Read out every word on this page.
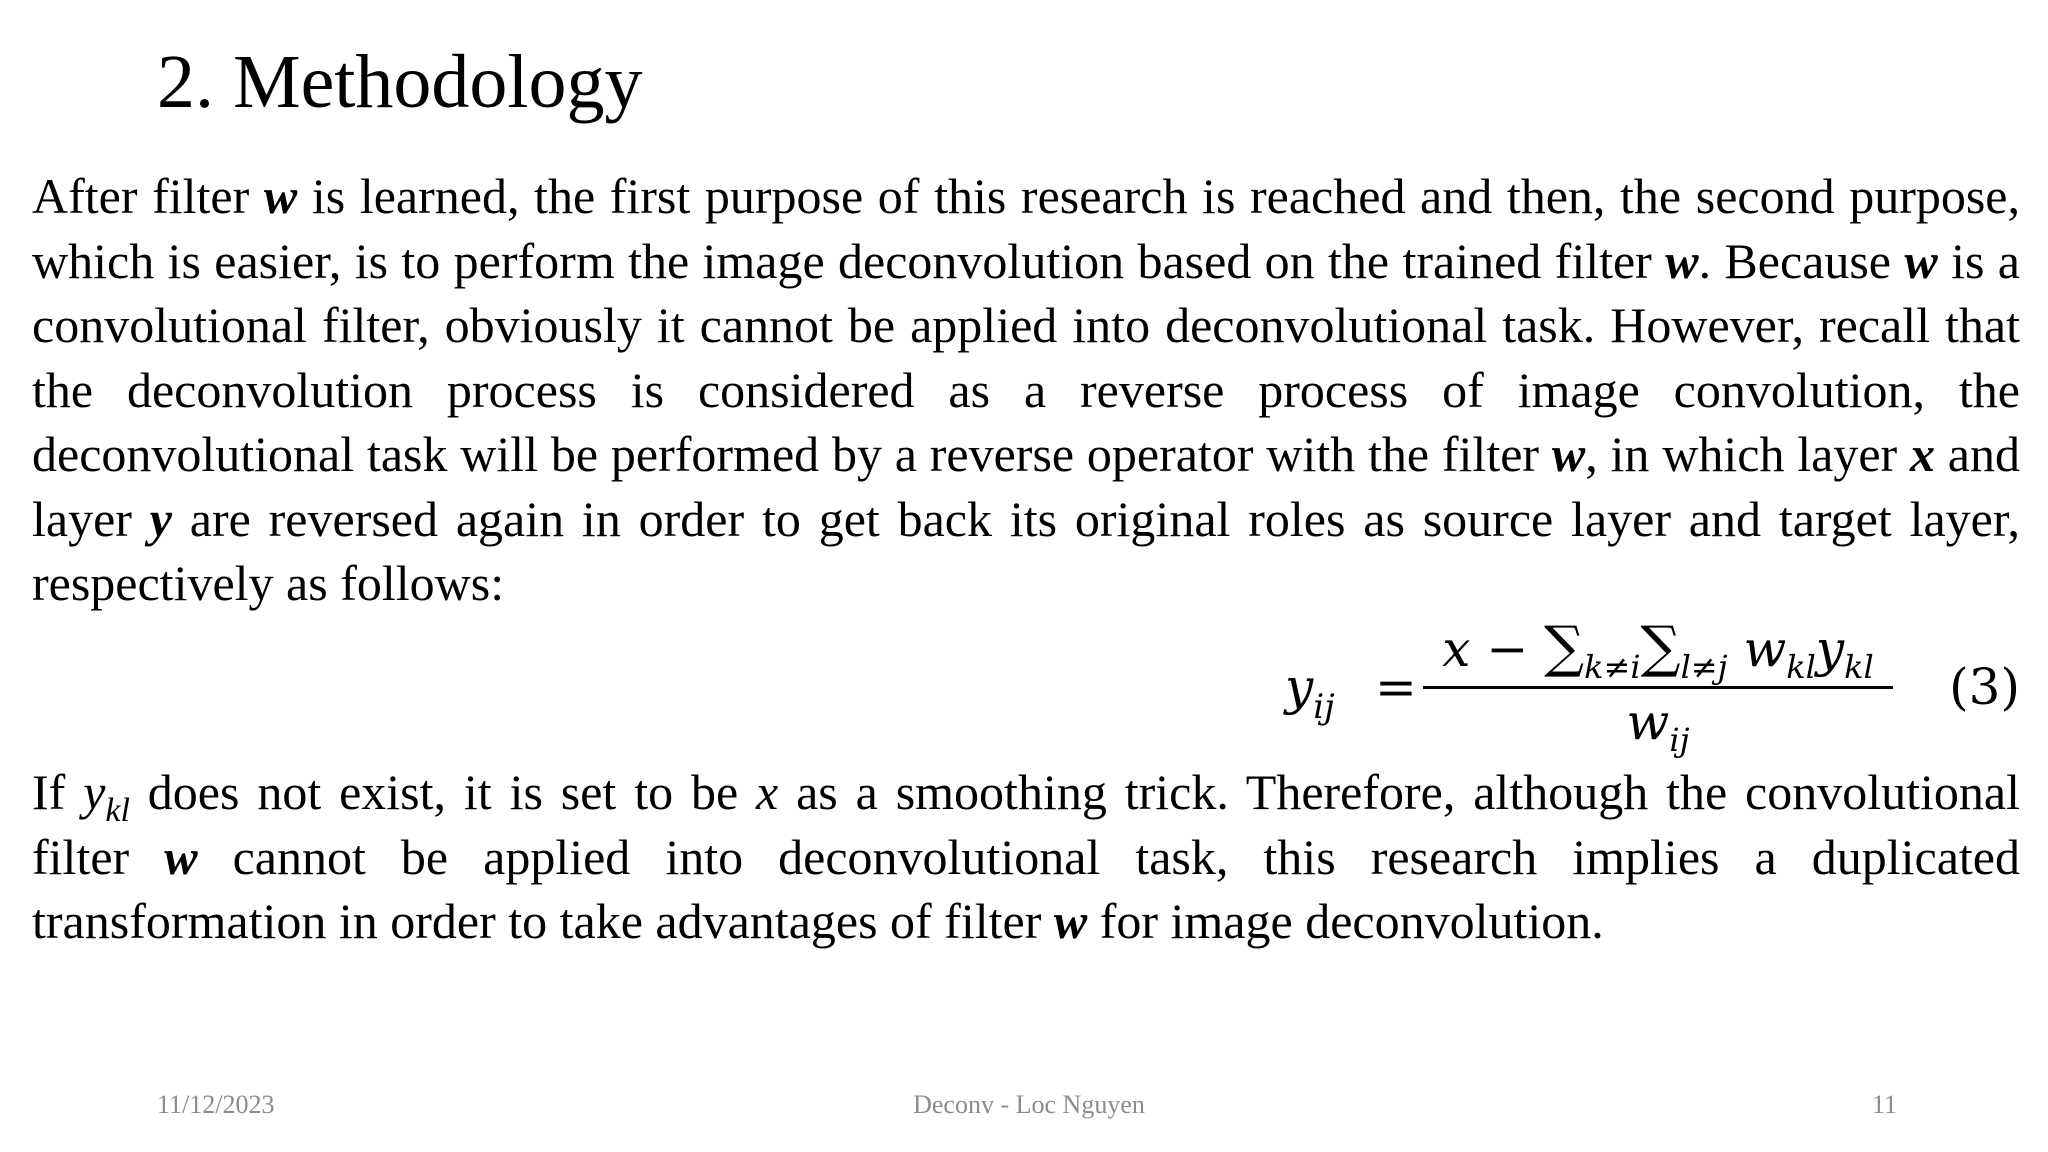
2. Methodology
After filter w is learned, the first purpose of this research is reached and then, the second purpose, which is easier, is to perform the image deconvolution based on the trained filter w. Because w is a convolutional filter, obviously it cannot be applied into deconvolutional task. However, recall that the deconvolution process is considered as a reverse process of image convolution, the deconvolutional task will be performed by a reverse operator with the filter w, in which layer x and layer y are reversed again in order to get back its original roles as source layer and target layer, respectively as follows:
$y_{ij}$ =
$x - \sum_{k\ne i}\sum_{l\ne j}$ $w_{kl}y_{kl}$
$w_{ij}$
(3)
If $y_{kl}$ does not exist, it is set to be x as a smoothing trick. Therefore, although the convolutional filter w cannot be applied into deconvolutional task, this research implies a duplicated transformation in order to take advantages of filter w for image deconvolution.
11/12/2023	Deconv - Loc Nguyen	11
